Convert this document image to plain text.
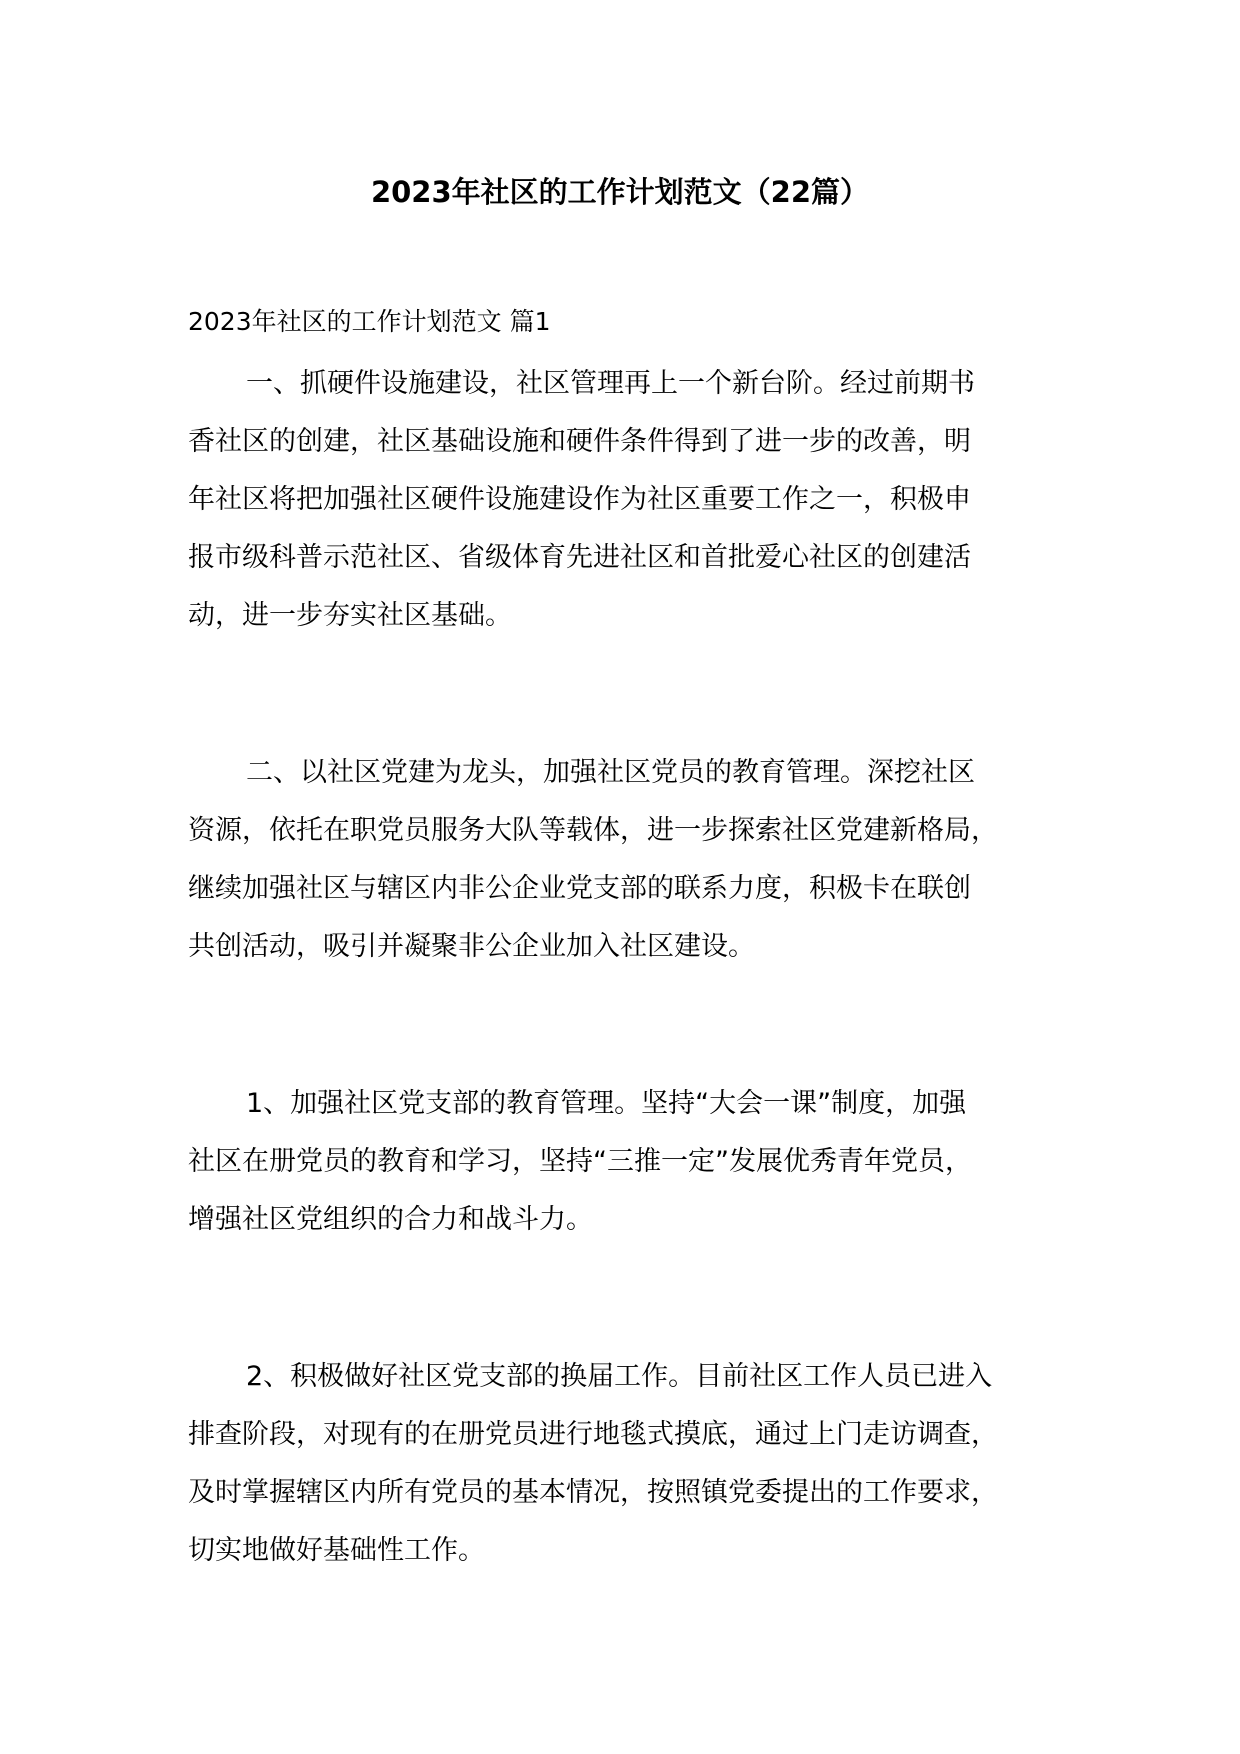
2023年社区的工作计划范文（22篇）
2023年社区的工作计划范文 篇1
一、抓硬件设施建设，社区管理再上一个新台阶。经过前期书
香社区的创建，社区基础设施和硬件条件得到了进一步的改善，明
年社区将把加强社区硬件设施建设作为社区重要工作之一，积极申
报市级科普示范社区、省级体育先进社区和首批爱心社区的创建活
动，进一步夯实社区基础。
二、以社区党建为龙头，加强社区党员的教育管理。深挖社区
资源，依托在职党员服务大队等载体，进一步探索社区党建新格局，
继续加强社区与辖区内非公企业党支部的联系力度，积极卡在联创
共创活动，吸引并凝聚非公企业加入社区建设。
1、加强社区党支部的教育管理。坚持“大会一课”制度，加强
社区在册党员的教育和学习，坚持“三推一定”发展优秀青年党员，
增强社区党组织的合力和战斗力。
2、积极做好社区党支部的换届工作。目前社区工作人员已进入
排查阶段，对现有的在册党员进行地毯式摸底，通过上门走访调查，
及时掌握辖区内所有党员的基本情况，按照镇党委提出的工作要求，
切实地做好基础性工作。
